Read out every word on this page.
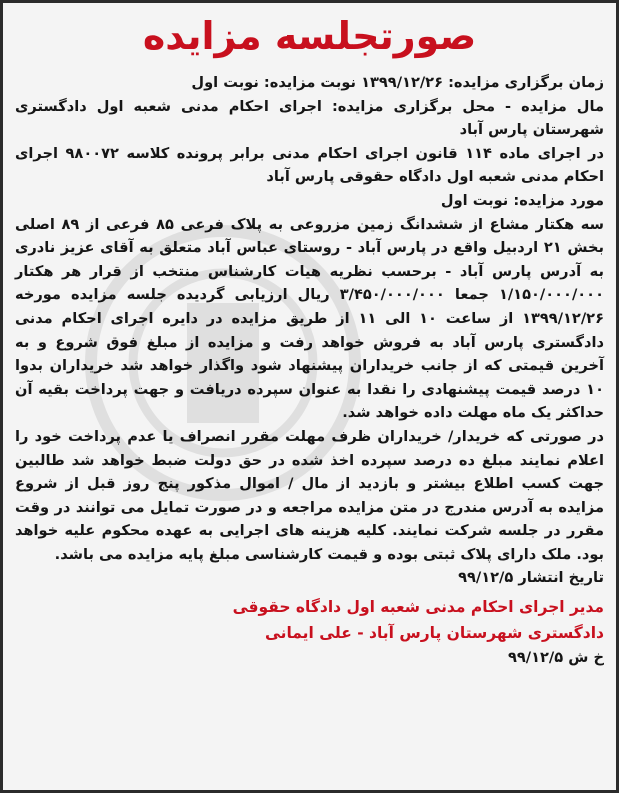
صورتجلسه مزایده

زمان برگزاری مزایده: ۱۳۹۹/۱۲/۲۶ نوبت مزایده: نوبت اول

مال مزایده - محل برگزاری مزایده: اجرای احکام مدنی شعبه اول دادگستری شهرستان پارس آباد

در اجرای ماده ۱۱۴ قانون اجرای احکام مدنی برابر پرونده کلاسه ۹۸۰۰۷۲ اجرای احکام مدنی شعبه اول دادگاه حقوقی پارس آباد

مورد مزایده: نوبت اول

سه هکتار مشاع از ششدانگ زمین مزروعی به پلاک فرعی ۸۵ فرعی از ۸۹ اصلی بخش ۲۱ اردبیل واقع در پارس آباد - روستای عباس آباد متعلق به آقای عزیز نادری به آدرس پارس آباد - برحسب نظریه هیات کارشناس منتخب از قرار هر هکتار ۱/۱۵۰/۰۰۰/۰۰۰ جمعا ۳/۴۵۰/۰۰۰/۰۰۰ ریال ارزیابی گردیده جلسه مزایده مورخه ۱۳۹۹/۱۲/۲۶ از ساعت ۱۰ الی ۱۱ از طریق مزایده در دایره اجرای احکام مدنی دادگستری پارس آباد به فروش خواهد رفت و مزایده از مبلغ فوق شروع و به آخرین قیمتی که از جانب خریداران پیشنهاد شود واگذار خواهد شد خریداران بدوا ۱۰ درصد قیمت پیشنهادی را نقدا به عنوان سپرده دریافت و جهت پرداخت بقیه آن حداکثر یک ماه مهلت داده خواهد شد.

در صورتی که خریدار/ خریداران ظرف مهلت مقرر انصراف یا عدم پرداخت خود را اعلام نمایند مبلغ ده درصد سپرده اخذ شده در حق دولت ضبط خواهد شد طالبین جهت کسب اطلاع بیشتر و بازدید از مال / اموال مذکور پنج روز قبل از شروع مزایده به آدرس مندرج در متن مزایده مراجعه و در صورت تمایل می توانند در وقت مقرر در جلسه شرکت نمایند. کلیه هزینه های اجرایی به عهده محکوم علیه خواهد بود. ملک دارای پلاک ثبتی بوده و قیمت کارشناسی مبلغ پایه مزایده می باشد.

تاریخ انتشار ۹۹/۱۲/۵

مدیر اجرای احکام مدنی شعبه اول دادگاه حقوقی
دادگستری شهرستان پارس آباد - علی ایمانی
خ ش ۹۹/۱۲/۵
